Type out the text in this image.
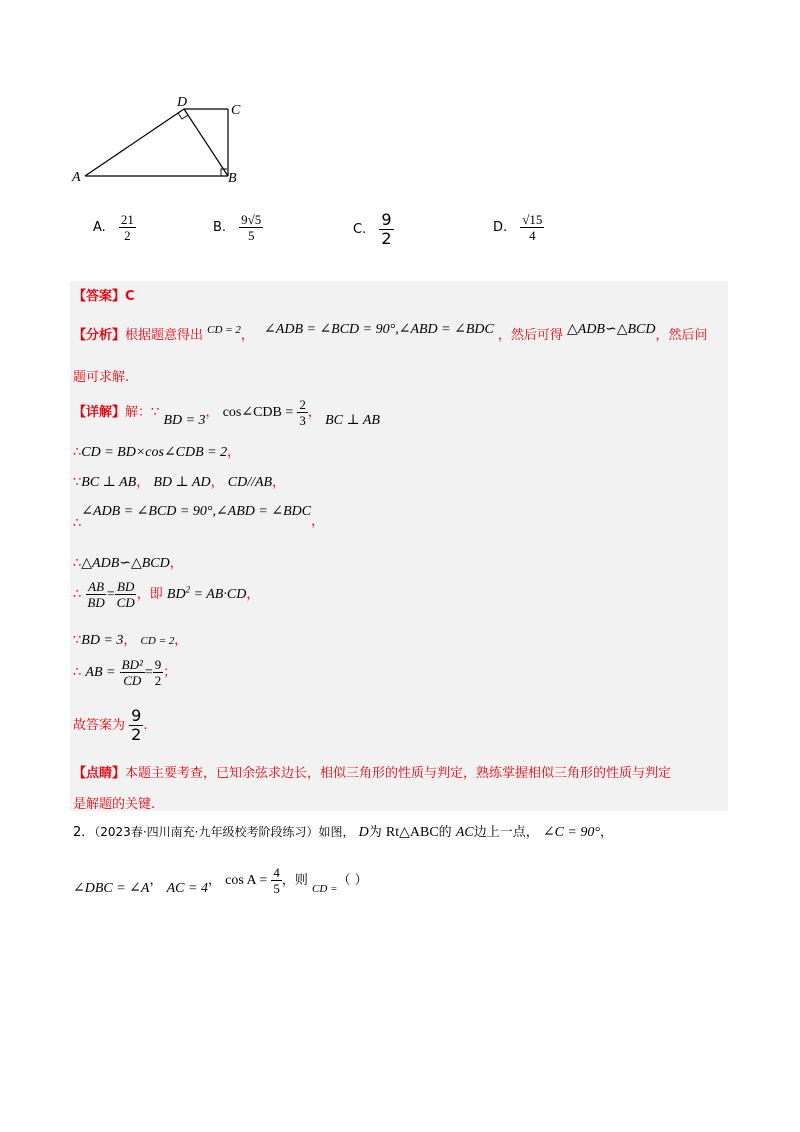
D
C
A	B
A. $\frac{21}{2}$	B. $\frac{9√5}{5}$	C. $\frac{9}{2}$	D. $\frac{√15}{4}$
【答案】C
【分析】根据题意得出 $^{CD = 2}$， ∠ADB = ∠BCD = 90°,∠ABD = ∠BDC ，然后可得 △ADB∽△BCD，然后问
题可求解.
【详解】解：∵ BD = 3， cos∠CDB = $\frac{2}{3}$ ， BC ⊥ AB
∴CD = BD×cos∠CDB = 2，
∵BC ⊥ AB， BD ⊥ AD， CD//AB，
∴∠ADB = ∠BCD = 90°,∠ABD = ∠BDC，
∴△ADB∽△BCD，
∴ $\frac{AB}{BD} = \frac{BD}{CD}$ ，即 $BD^2 = AB\cdot CD$，
∵BD = 3， CD = 2，
∴ AB = $\frac{\text{BD²}}{CD} = \frac{9}{2}$ ；
故答案为 $\frac{9}{2}$ .
【点睛】本题主要考查，已知余弦求边长，相似三角形的性质与判定，熟练掌握相似三角形的性质与判定
是解题的关键.
2．（2023春·四川南充·九年级校考阶段练习）如图， D为 Rt△ABC的 AC边上一点， ∠C = 90°，
∠DBC = ∠A， AC = 4， $\cos A = \frac{4}{5}$ ，则 $_{CD =}$（ ）
